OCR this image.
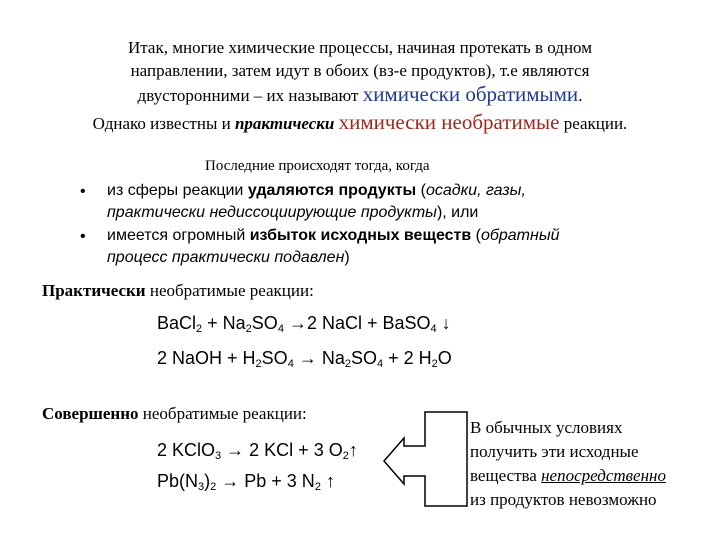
Итак, многие химические процессы, начиная протекать в одном
направлении, затем идут в обоих (вз-е продуктов), т.е являются
двусторонними – их называют химически обратимыми.
Однако известны и практически химически необратимые реакции.
Последние происходят тогда, когда
• из сферы реакции удаляются продукты (осадки, газы,
практически недиссоциирующие продукты), или
• имеется огромный избыток исходных веществ (обратный
процесс практически подавлен)
Практически необратимые реакции:
BaCl$_2$ + $Na_2SO_4 \to 2$ NaCl + BaSO$_4$ ↓
2 NaOH + $H_2SO_4 \to Na_2SO_4 + 2$ $H_2O$
Совершенно необратимые реакции:
2 KClO$_3$ → 2 KCl + 3 $O_2↑$
$Pb(N_3)_2 \to Pb + 3$ $N_2$ ↑
В обычных условиях
получить эти исходные
вещества непосредственно
из продуктов невозможно
